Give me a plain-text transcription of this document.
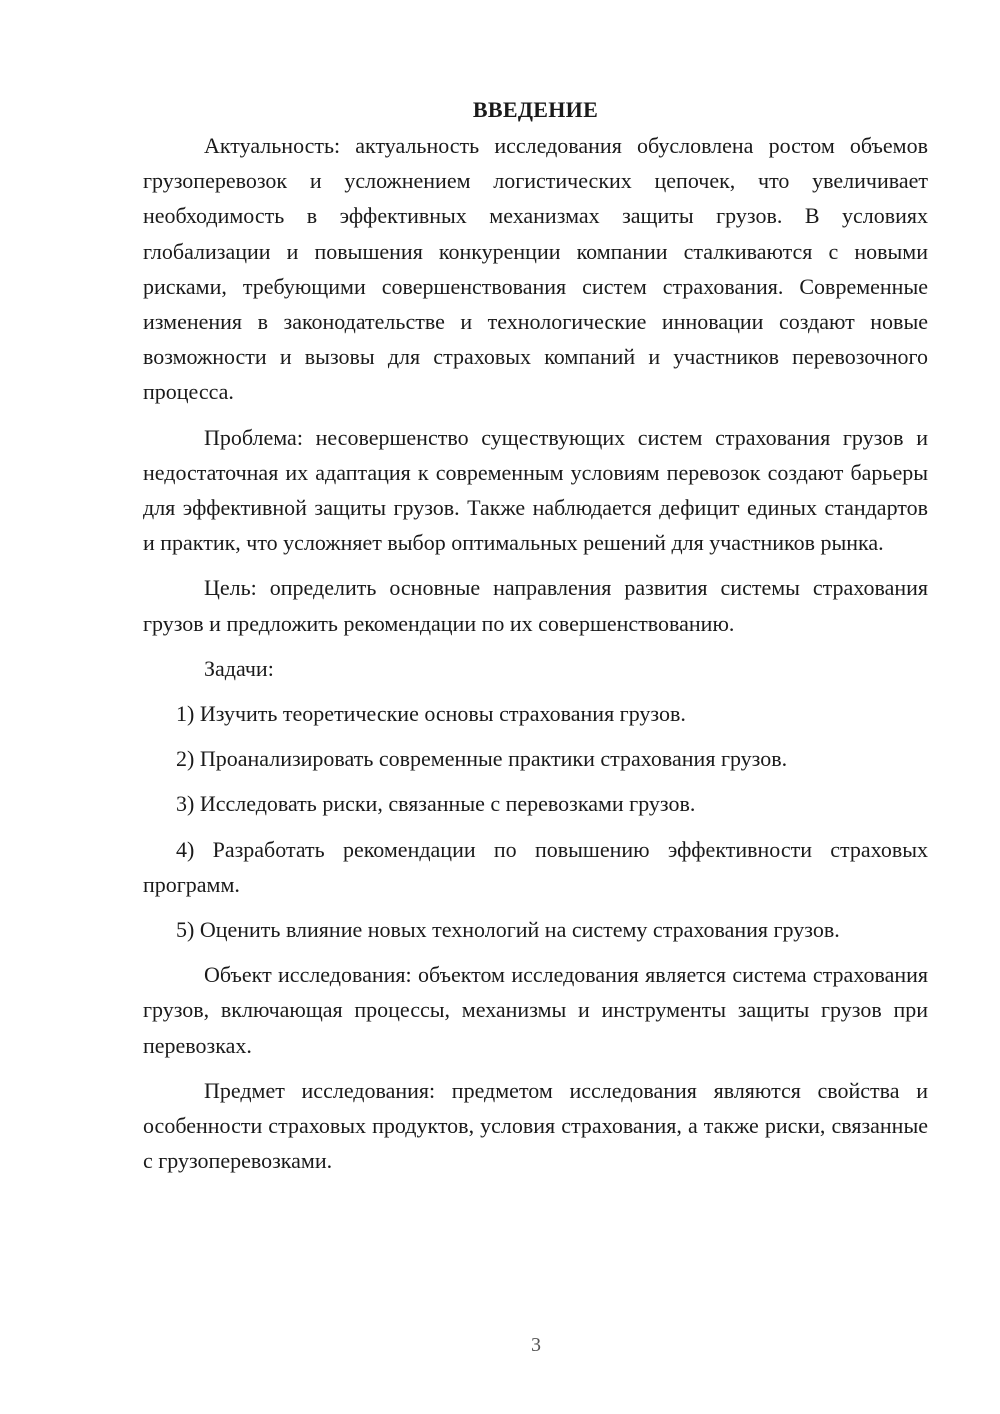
ВВЕДЕНИЕ

Актуальность: актуальность исследования обусловлена ростом объемов грузоперевозок и усложнением логистических цепочек, что увеличивает необходимость в эффективных механизмах защиты грузов. В условиях глобализации и повышения конкуренции компании сталкиваются с новыми рисками, требующими совершенствования систем страхования. Современные изменения в законодательстве и технологические инновации создают новые возможности и вызовы для страховых компаний и участников перевозочного процесса.

Проблема: несовершенство существующих систем страхования грузов и недостаточная их адаптация к современным условиям перевозок создают барьеры для эффективной защиты грузов. Также наблюдается дефицит единых стандартов и практик, что усложняет выбор оптимальных решений для участников рынка.

Цель: определить основные направления развития системы страхования грузов и предложить рекомендации по их совершенствованию.

Задачи:

1) Изучить теоретические основы страхования грузов.

2) Проанализировать современные практики страхования грузов.

3) Исследовать риски, связанные с перевозками грузов.

4) Разработать рекомендации по повышению эффективности страховых программ.

5) Оценить влияние новых технологий на систему страхования грузов.

Объект исследования: объектом исследования является система страхования грузов, включающая процессы, механизмы и инструменты защиты грузов при перевозках.

Предмет исследования: предметом исследования являются свойства и особенности страховых продуктов, условия страхования, а также риски, связанные с грузоперевозками.

3
